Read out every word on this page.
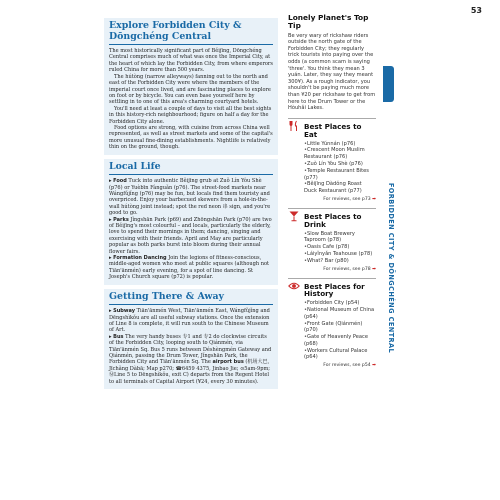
53
Explore Forbidden City & Dōngchéng Central

The most historically significant part of Běijīng, Dōngchéng Central comprises much of what was once the Imperial City, at the heart of which lay the Forbidden City, from where emperors ruled China for more than 500 years.

The hútòng (narrow alleyways) fanning out to the north and east of the Forbidden City were where the members of the imperial court once lived, and are fascinating places to explore on foot or by bicycle. You can even base yourself here by settling in to one of this area's charming courtyard hotels.

You'll need at least a couple of days to visit all the best sights in this history-rich neighbourhood; figure on half a day for the Forbidden City alone.

Food options are strong, with cuisine from across China well represented, as well as street markets and some of the capital's more unusual fine-dining establishments. Nightlife is relatively thin on the ground, though.

Local Life

▸ Food Tuck into authentic Běijīng grub at Zuǒ Lín Yòu Shè (p76) or Yuèbīn Fànguǎn (p76). The street-food markets near Wángfǔjǐng (p76) may be fun, but locals find them touristy and overpriced. Enjoy your barbecued skewers from a hole-in-the-wall hútòng joint instead; spot the red neon 串 sign, and you're good to go.

▸ Parks Jǐngshān Park (p69) and Zhōngshān Park (p70) are two of Běijīng's most colourful – and locals, particularly the elderly, love to spend their mornings in them; dancing, singing and exercising with their friends. April and May are particularly popular as both parks burst into bloom during their annual flower fairs.

▸ Formation Dancing Join the legions of fitness-conscious, middle-aged women who meet at public squares (although not Tiān'ānmén) early evening, for a spot of line dancing. St Joseph's Church square (p72) is popular.

Getting There & Away

▸ Subway Tiān'ānmén West, Tiān'ānmén East, Wángfǔjǐng and Dēngshìkǒu are all useful subway stations. Once the extension of Line 8 is complete, it will run south to the Chinese Museum of Art.

▸ Bus The very handy buses 专1 and 专2 do clockwise circuits of the Forbidden City, looping south to Qiánmén, via Tiān'ānmén Sq. Bus 5 runs between Déshèngmén Gateway and Qiánmén, passing the Drum Tower, Jǐngshān Park, the Forbidden City and Tiān'ānmén Sq. The airport bus (机场大巴, Jīchǎng Dàbā; Map p270; ☎6459 4375, Jinbao Jie; ⊙5am-9pm; ⓂLine 5 to Dēngshìkǒu, exit C) departs from the Regent Hotel to all terminals of Capital Airport (¥24, every 30 minutes).

Lonely Planet's Top Tip

Be very wary of rickshaw riders outside the north gate of the Forbidden City; they regularly trick tourists into paying over the odds (a common scam is saying 'three'. You think they mean 3 yuán. Later, they say they meant 300¥). As a rough indicator, you shouldn't be paying much more than ¥20 per rickshaw to get from here to the Drum Tower or the Hòuhǎi Lakes.

Best Places to Eat
• Little Yúnnán (p76)
• Crescent Moon Muslim Restaurant (p76)
• Zuǒ Lín Yòu Shè (p76)
• Temple Restaurant Bites (p77)
• Běijīng Dàdǒng Roast Duck Restaurant (p77)
For reviews, see p73 ➡
Best Places to Drink
• Slow Boat Brewery Taproom (p78)
• Oasis Cafe (p78)
• Láiyǐnyǎn Teahouse (p78)
• What? Bar (p80)
For reviews, see p78 ➡
Best Places for History
• Forbidden City (p54)
• National Museum of China (p64)
• Front Gate (Qiánmén) (p70)
• Gate of Heavenly Peace (p68)
• Workers Cultural Palace (p64)
For reviews, see p54 ➡
FORBIDDEN CITY & DÕNGCHÉNG CENTRAL
